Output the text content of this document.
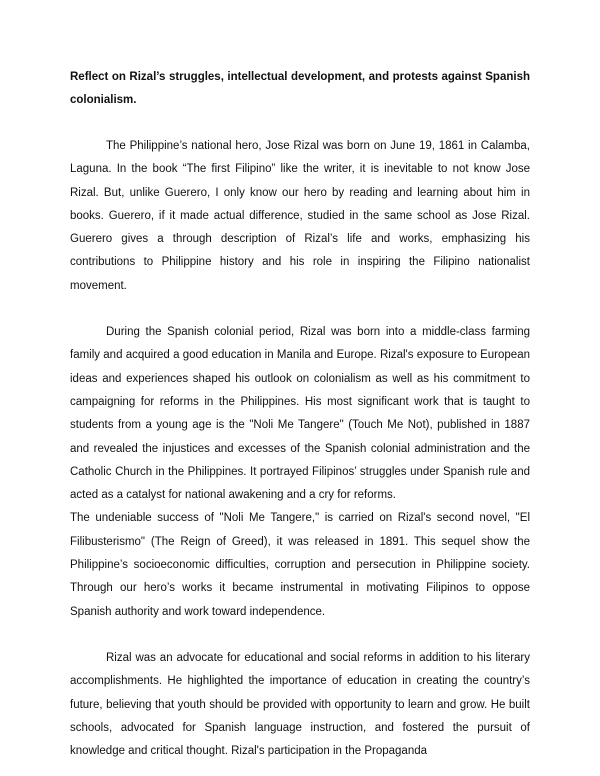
Reflect on Rizal’s struggles, intellectual development, and protests against Spanish colonialism.

The Philippine’s national hero, Jose Rizal was born on June 19, 1861 in Calamba, Laguna. In the book “The first Filipino” like the writer, it is inevitable to not know Jose Rizal. But, unlike Guerero, I only know our hero by reading and learning about him in books. Guerero, if it made actual difference, studied in the same school as Jose Rizal. Guerero gives a through description of Rizal’s life and works, emphasizing his contributions to Philippine history and his role in inspiring the Filipino nationalist movement.

During the Spanish colonial period, Rizal was born into a middle-class farming family and acquired a good education in Manila and Europe. Rizal's exposure to European ideas and experiences shaped his outlook on colonialism as well as his commitment to campaigning for reforms in the Philippines. His most significant work that is taught to students from a young age is the "Noli Me Tangere" (Touch Me Not), published in 1887 and revealed the injustices and excesses of the Spanish colonial administration and the Catholic Church in the Philippines. It portrayed Filipinos’ struggles under Spanish rule and acted as a catalyst for national awakening and a cry for reforms.

The undeniable success of "Noli Me Tangere," is carried on Rizal's second novel, "El Filibusterismo" (The Reign of Greed), it was released in 1891. This sequel show the Philippine’s socioeconomic difficulties, corruption and persecution in Philippine society. Through our hero’s works it became instrumental in motivating Filipinos to oppose Spanish authority and work toward independence.

Rizal was an advocate for educational and social reforms in addition to his literary accomplishments. He highlighted the importance of education in creating the country’s future, believing that youth should be provided with opportunity to learn and grow. He built schools, advocated for Spanish language instruction, and fostered the pursuit of knowledge and critical thought. Rizal's participation in the Propaganda
